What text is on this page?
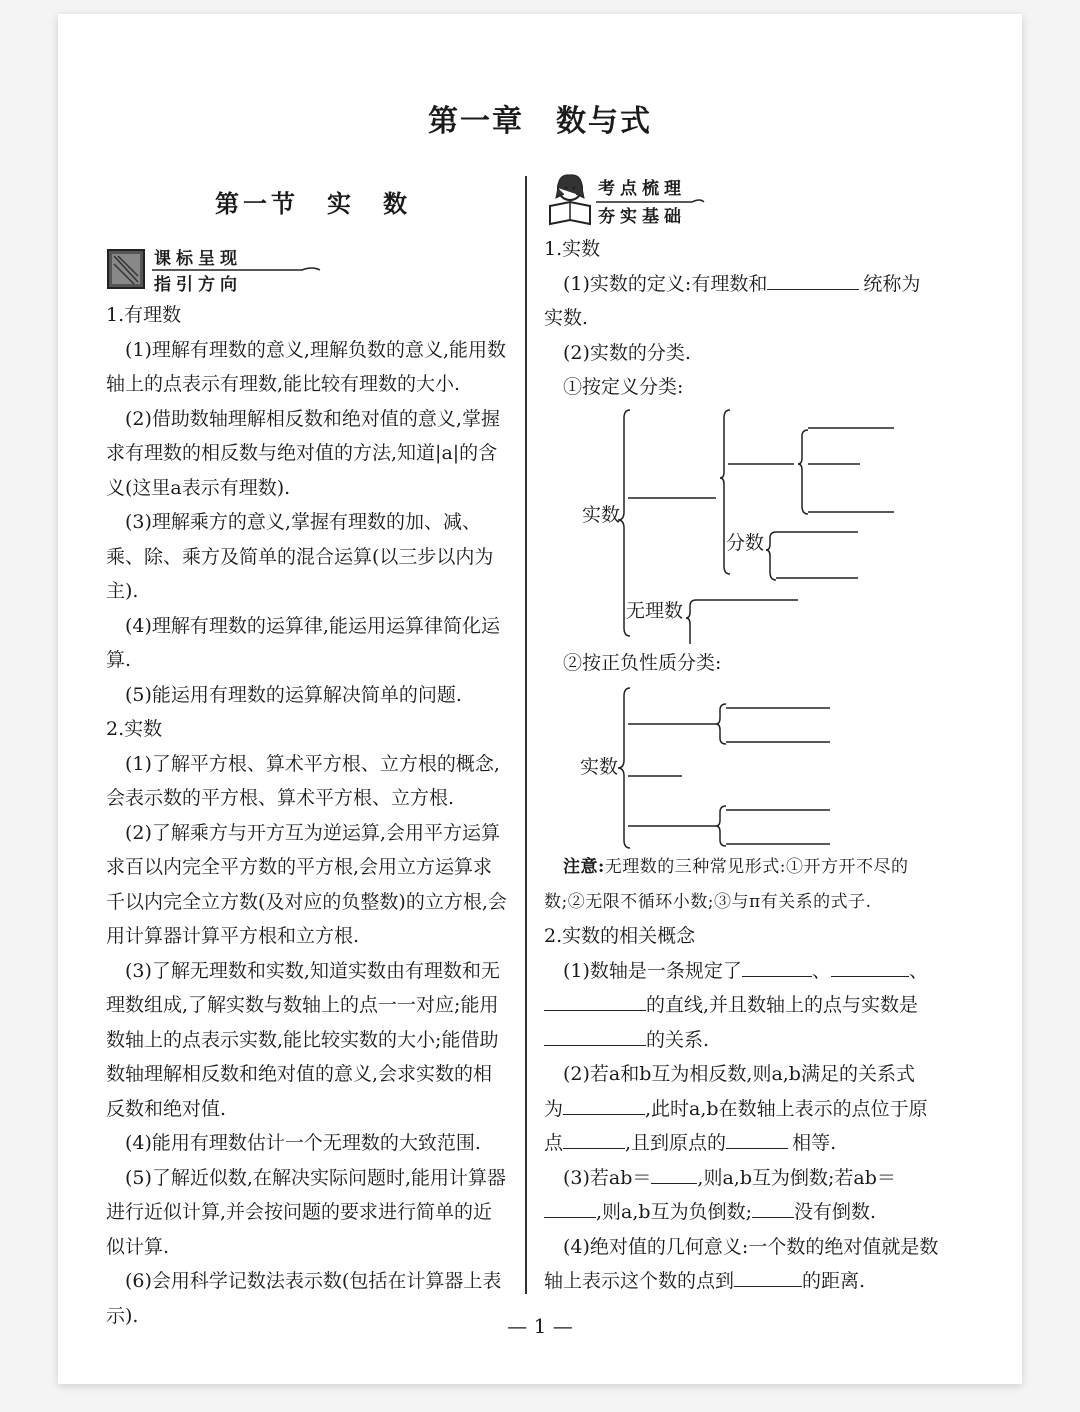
第一章　数与式
第一节　实　数
课标呈现
指引方向
考点梳理
夯实基础

1.有理数

(1)理解有理数的意义,理解负数的意义,能用数轴上的点表示有理数,能比较有理数的大小.

(2)借助数轴理解相反数和绝对值的意义,掌握求有理数的相反数与绝对值的方法,知道|a|的含义(这里a表示有理数).

(3)理解乘方的意义,掌握有理数的加、减、乘、除、乘方及简单的混合运算(以三步以内为主).

(4)理解有理数的运算律,能运用运算律简化运算.

(5)能运用有理数的运算解决简单的问题.

2.实数

(1)了解平方根、算术平方根、立方根的概念,会表示数的平方根、算术平方根、立方根.

(2)了解乘方与开方互为逆运算,会用平方运算求百以内完全平方数的平方根,会用立方运算求千以内完全立方数(及对应的负整数)的立方根,会用计算器计算平方根和立方根.

(3)了解无理数和实数,知道实数由有理数和无理数组成,了解实数与数轴上的点一一对应;能用数轴上的点表示实数,能比较实数的大小;能借助数轴理解相反数和绝对值的意义,会求实数的相反数和绝对值.

(4)能用有理数估计一个无理数的大致范围.

(5)了解近似数,在解决实际问题时,能用计算器进行近似计算,并会按问题的要求进行简单的近似计算.

(6)会用科学记数法表示数(包括在计算器上表示).

1.实数

(1)实数的定义:有理数和	统称为

实数.

(2)实数的分类.

①按定义分类:

实数
分数
无理数
②按正负性质分类:
实数

注意:无理数的三种常见形式:①开方开不尽的

数;②无限不循环小数;③与π有关系的式子.

2.实数的相关概念

(1)数轴是一条规定了	、	、

的直线,并且数轴上的点与实数是

的关系.

(2)若a和b互为相反数,则a,b满足的关系式

为	,此时a,b在数轴上表示的点位于原

点	,且到原点的	相等.

(3)若ab＝ ,则a,b互为倒数;若ab＝

,则a,b互为负倒数; 没有倒数.

(4)绝对值的几何意义:一个数的绝对值就是数

轴上表示这个数的点到	的距离.

— 1 —
